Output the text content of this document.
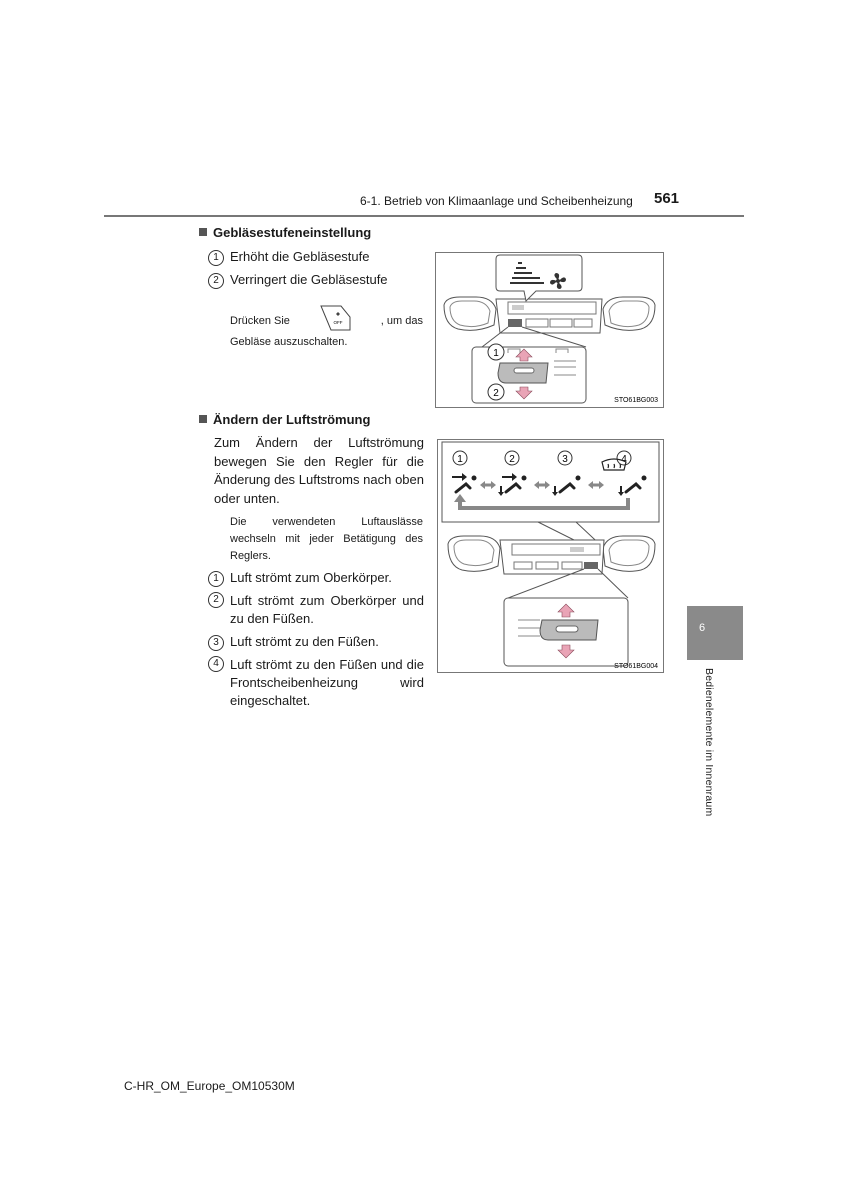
6-1. Betrieb von Klimaanlage und Scheibenheizung 561
6
Bedienelemente im Innenraum
Gebläsestufeneinstellung
1 Erhöht die Gebläsestufe
2 Verringert die Gebläsestufe
Drücken Sie	OFF	, um das
Gebläse auszuschalten.
1
2
STO61BG003
Ändern der Luftströmung
Zum Ändern der Luftströmung bewegen Sie den Regler für die Änderung des Luftstroms nach oben oder unten.
Die verwendeten Luftauslässe wechseln mit jeder Betätigung des Reglers.
1 Luft strömt zum Oberkörper.
2 Luft strömt zum Oberkörper und zu den Füßen.
3 Luft strömt zu den Füßen.
4 Luft strömt zu den Füßen und die Frontscheibenheizung wird eingeschaltet.
1	2	3	4
STO61BG004
C-HR_OM_Europe_OM10530M
